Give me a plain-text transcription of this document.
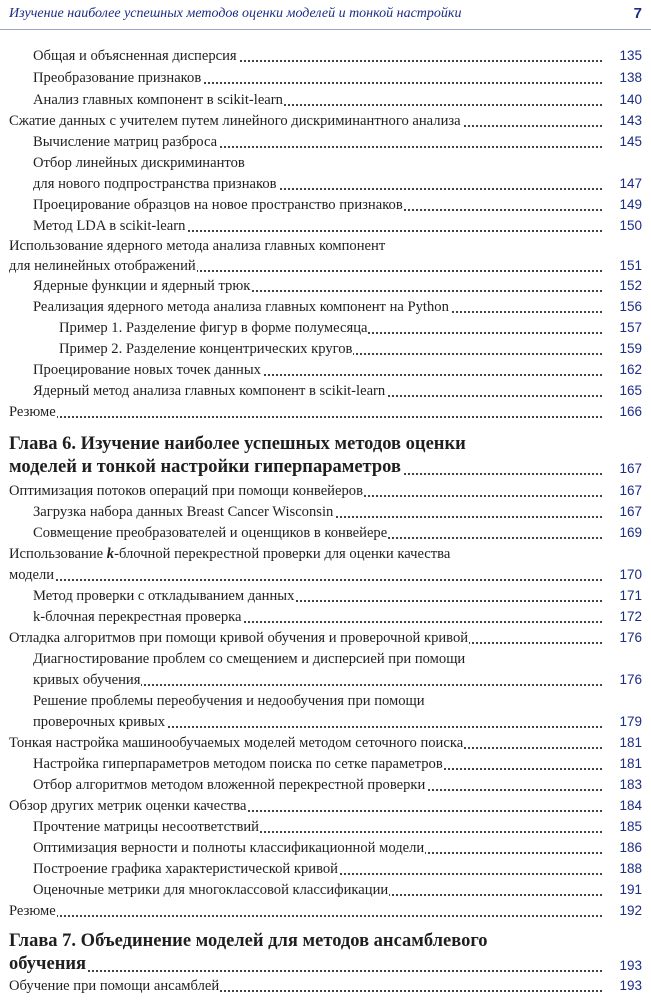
Изучение наиболее успешных методов оценки моделей и тонкой настройки	7
Общая и объясненная дисперсия	135
Преобразование признаков	138
Анализ главных компонент в scikit-learn	140
Сжатие данных с учителем путем линейного дискриминантного анализа	143
Вычисление матриц разброса	145
Отбор линейных дискриминантов
для нового подпространства признаков	147
Проецирование образцов на новое пространство признаков	149
Метод LDA в scikit-learn	150
Использование ядерного метода анализа главных компонент
для нелинейных отображений	151
Ядерные функции и ядерный трюк	152
Реализация ядерного метода анализа главных компонент на Python	156
Пример 1. Разделение фигур в форме полумесяца	157
Пример 2. Разделение концентрических кругов	159
Проецирование новых точек данных	162
Ядерный метод анализа главных компонент в scikit-learn	165
Резюме	166
Глава 6. Изучение наиболее успешных методов оценки
моделей и тонкой настройки гиперпараметров	167
Оптимизация потоков операций при помощи конвейеров	167
Загрузка набора данных Breast Cancer Wisconsin	167
Совмещение преобразователей и оценщиков в конвейере	169
Использование k-блочной перекрестной проверки для оценки качества
модели	170
Метод проверки с откладыванием данных	171
k-блочная перекрестная проверка	172
Отладка алгоритмов при помощи кривой обучения и проверочной кривой	176
Диагностирование проблем со смещением и дисперсией при помощи
кривых обучения	176
Решение проблемы переобучения и недообучения при помощи
проверочных кривых	179
Тонкая настройка машинообучаемых моделей методом сеточного поиска	181
Настройка гиперпараметров методом поиска по сетке параметров	181
Отбор алгоритмов методом вложенной перекрестной проверки	183
Обзор других метрик оценки качества	184
Прочтение матрицы несоответствий	185
Оптимизация верности и полноты классификационной модели	186
Построение графика характеристической кривой	188
Оценочные метрики для многоклассовой классификации	191
Резюме	192
Глава 7. Объединение моделей для методов ансамблевого
обучения	193
Обучение при помощи ансамблей	193
